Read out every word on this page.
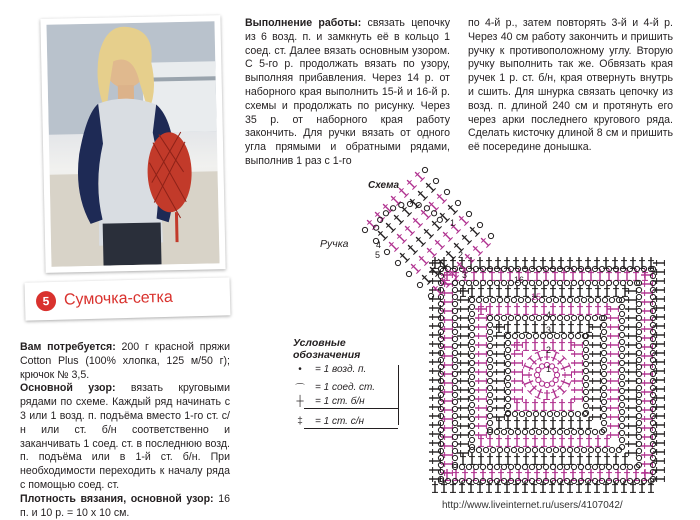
5 Сумочка-сетка
Вам потребуется: 200 г красной пряжи Cotton Plus (100% хлопка, 125 м/50 г); крючок № 3,5.
Основной узор: вязать круговыми рядами по схеме. Каждый ряд начинать с 3 или 1 возд. п. подъёма вместо 1-го ст. с/н или ст. б/н соответственно и заканчивать 1 соед. ст. в последнюю возд. п. подъёма или в 1-й ст. б/н. При необходимости переходить к началу ряда с помощью соед. ст.
Плотность вязания, основной узор: 16 п. и 10 р. = 10 х 10 см.
Выполнение работы: связать цепочку из 6 возд. п. и замкнуть её в кольцо 1 соед. ст. Далее вязать основным узором. С 5-го р. продолжать вязать по узору, выполняя прибавления. Через 14 р. от наборного края выполнить 15-й и 16-й р. схемы и продолжать по рисунку. Через 35 р. от наборного края работу закончить. Для ручки вязать от одного угла прямыми и обратными рядами, выполнив 1 раз с 1-го
по 4-й р., затем повторять 3-й и 4-й р. Через 40 см работу закончить и пришить ручку к противоположному углу. Вторую ручку выполнить так же. Обвязать края ручек 1 р. ст. б/н, края отвернуть внутрь и сшить. Для шнурка связать цепочку из возд. п. длиной 240 см и протянуть его через арки последнего кругового ряда. Сделать кисточку длиной 8 см и пришить её посередине донышка.
Схема
Ручка
16
15
4
3
2
1
5
4
1
2
3
Условные
обозначения
•	= 1 возд. п.
⌒ = 1 соед. ст.
┼	= 1 ст. б/н
‡	= 1 ст. с/н
http://www.liveinternet.ru/users/4107042/
